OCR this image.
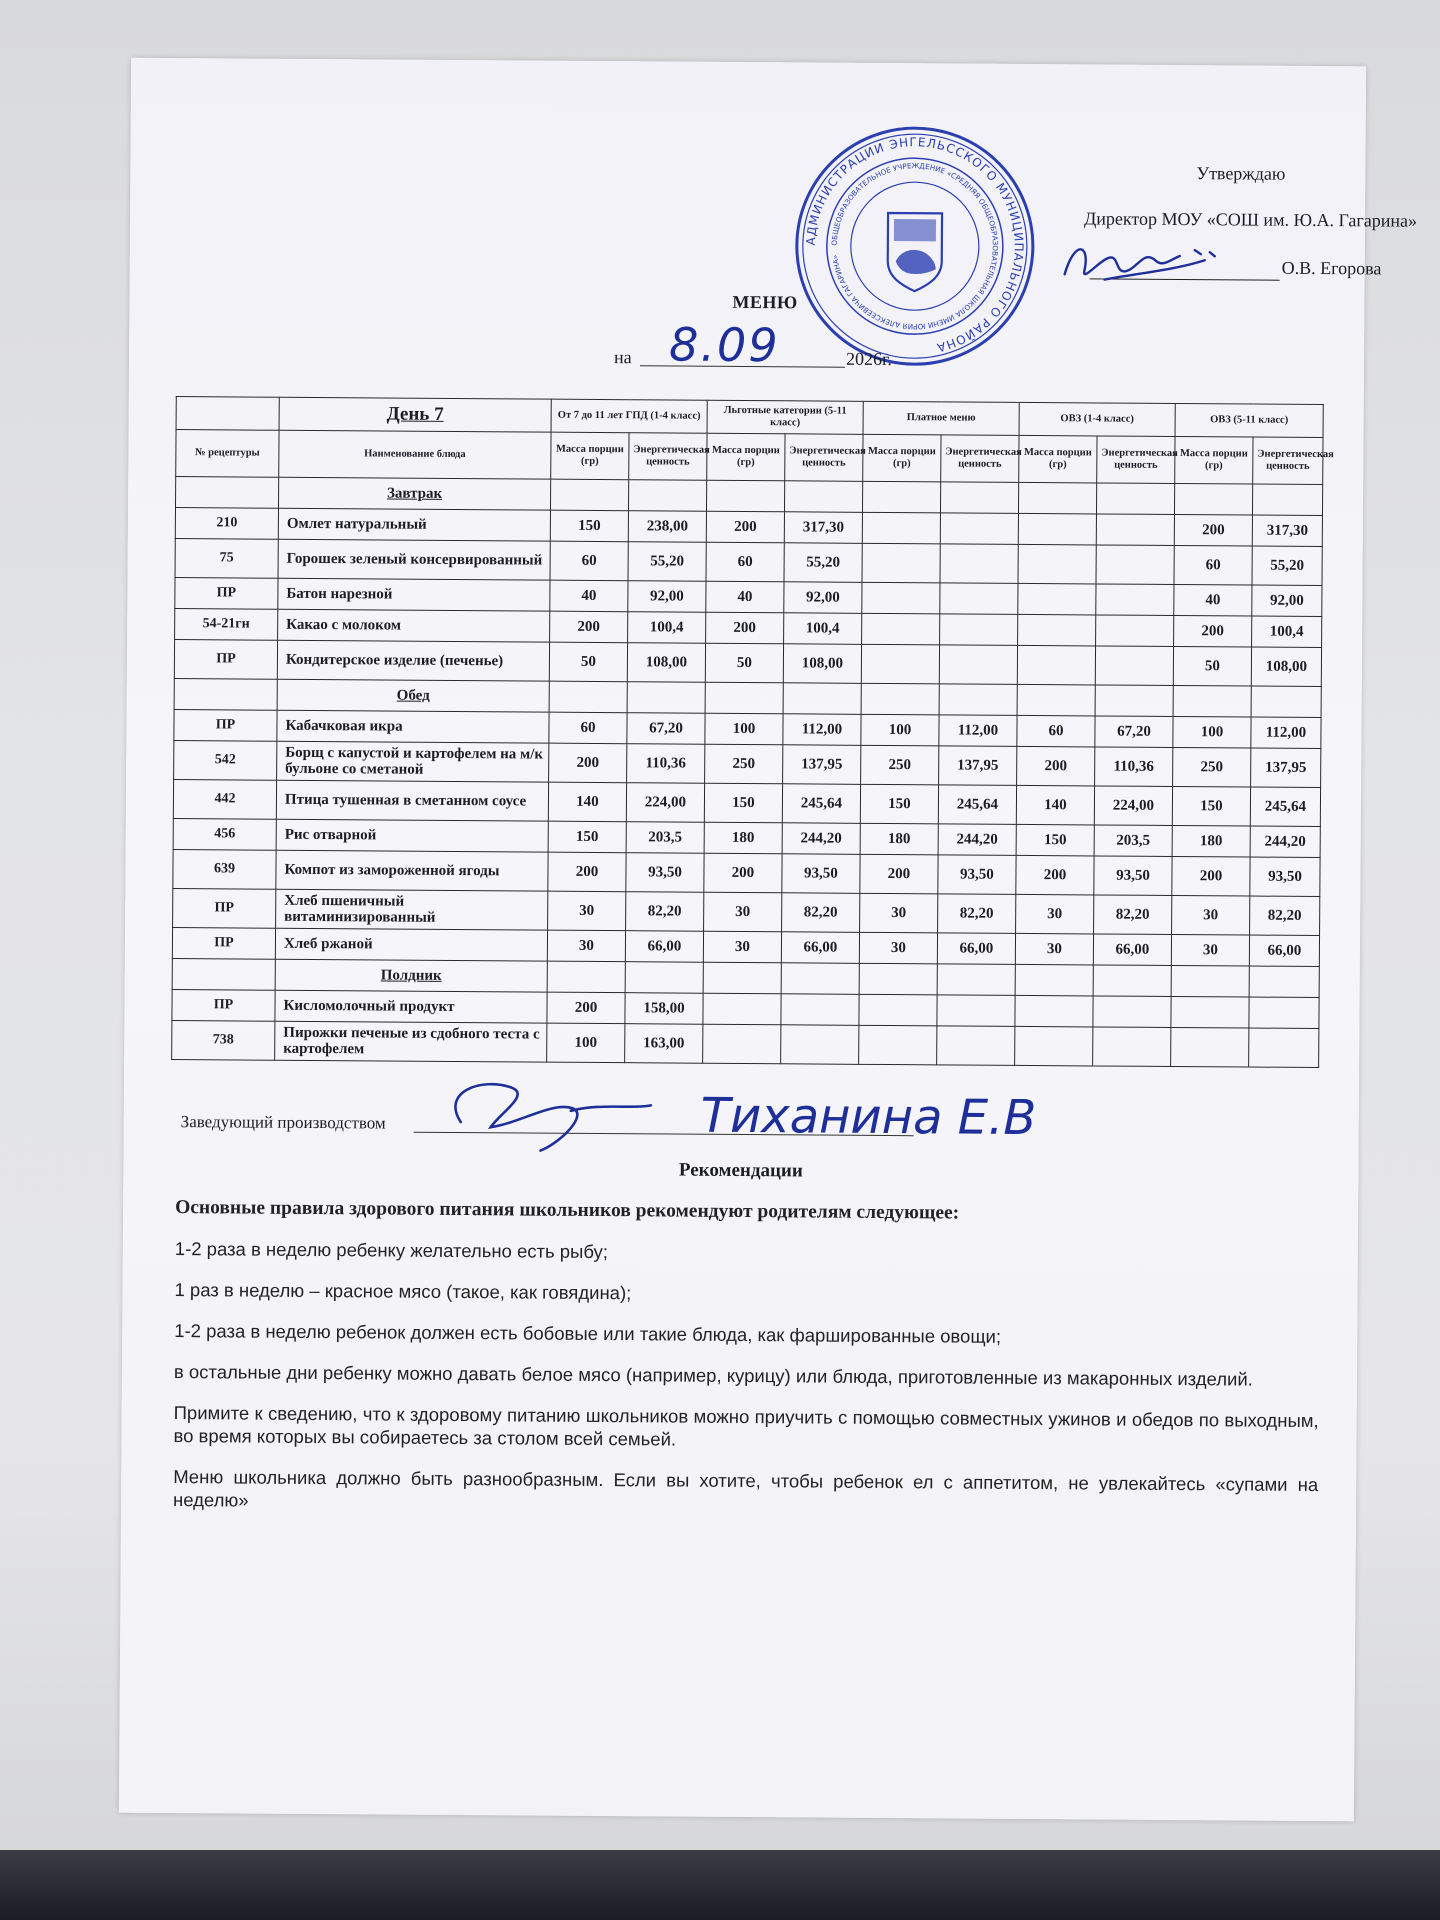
Утверждаю
Директор МОУ «СОШ им. Ю.А. Гагарина»
О.В. Егорова
АДМИНИСТРАЦИИ ЭНГЕЛЬССКОГО МУНИЦИПАЛЬНОГО РАЙОНА
ОБЩЕОБРАЗОВАТЕЛЬНОЕ УЧРЕЖДЕНИЕ «СРЕДНЯЯ ОБЩЕОБРАЗОВАТЕЛЬНАЯ ШКОЛА ИМЕНИ ЮРИЯ АЛЕКСЕЕВИЧА ГАГАРИНА»
МЕНЮ
на 8.09	2026г.
	День 7	От 7 до 11 лет ГПД (1-4 класс)		Льготные категории (5-11 класс)		Платное меню		ОВЗ (1-4 класс)		ОВЗ (5-11 класс)	
№ рецептуры	Наименование блюда	Масса порции (гр)	Энергетическая ценность	Масса порции (гр)	Энергетическая ценность	Масса порции (гр)	Энергетическая ценность	Масса порции (гр)	Энергетическая ценность	Масса порции (гр)	Энергетическая ценность
	Завтрак										
210	Омлет натуральный	150	238,00	200	317,30					200	317,30
75	Горошек зеленый консервированный	60	55,20	60	55,20					60	55,20
ПР	Батон нарезной	40	92,00	40	92,00					40	92,00
54-21гн	Какао с молоком	200	100,4	200	100,4					200	100,4
ПР	Кондитерское изделие (печенье)	50	108,00	50	108,00					50	108,00
	Обед										
ПР	Кабачковая икра	60	67,20	100	112,00	100	112,00	60	67,20	100	112,00
542	Борщ с капустой и картофелем на м/к бульоне со сметаной	200	110,36	250	137,95	250	137,95	200	110,36	250	137,95
442	Птица тушенная в сметанном соусе	140	224,00	150	245,64	150	245,64	140	224,00	150	245,64
456	Рис отварной	150	203,5	180	244,20	180	244,20	150	203,5	180	244,20
639	Компот из замороженной ягоды	200	93,50	200	93,50	200	93,50	200	93,50	200	93,50
ПР	Хлеб пшеничный витаминизированный	30	82,20	30	82,20	30	82,20	30	82,20	30	82,20
ПР	Хлеб ржаной	30	66,00	30	66,00	30	66,00	30	66,00	30	66,00
	Полдник										
ПР	Кисломолочный продукт	200	158,00								
738	Пирожки печеные из сдобного теста с картофелем	100	163,00								
Заведующий производством	Тиханина Е.В
Рекомендации

Основные правила здорового питания школьников рекомендуют родителям следующее:

1-2 раза в неделю ребенку желательно есть рыбу;

1 раз в неделю – красное мясо (такое, как говядина);

1-2 раза в неделю ребенок должен есть бобовые или такие блюда, как фаршированные овощи;

в остальные дни ребенку можно давать белое мясо (например, курицу) или блюда, приготовленные из макаронных изделий.

Примите к сведению, что к здоровому питанию школьников можно приучить с помощью совместных ужинов и обедов по выходным, во время которых вы собираетесь за столом всей семьей.

Меню школьника должно быть разнообразным. Если вы хотите, чтобы ребенок ел с аппетитом, не увлекайтесь «супами на неделю»
